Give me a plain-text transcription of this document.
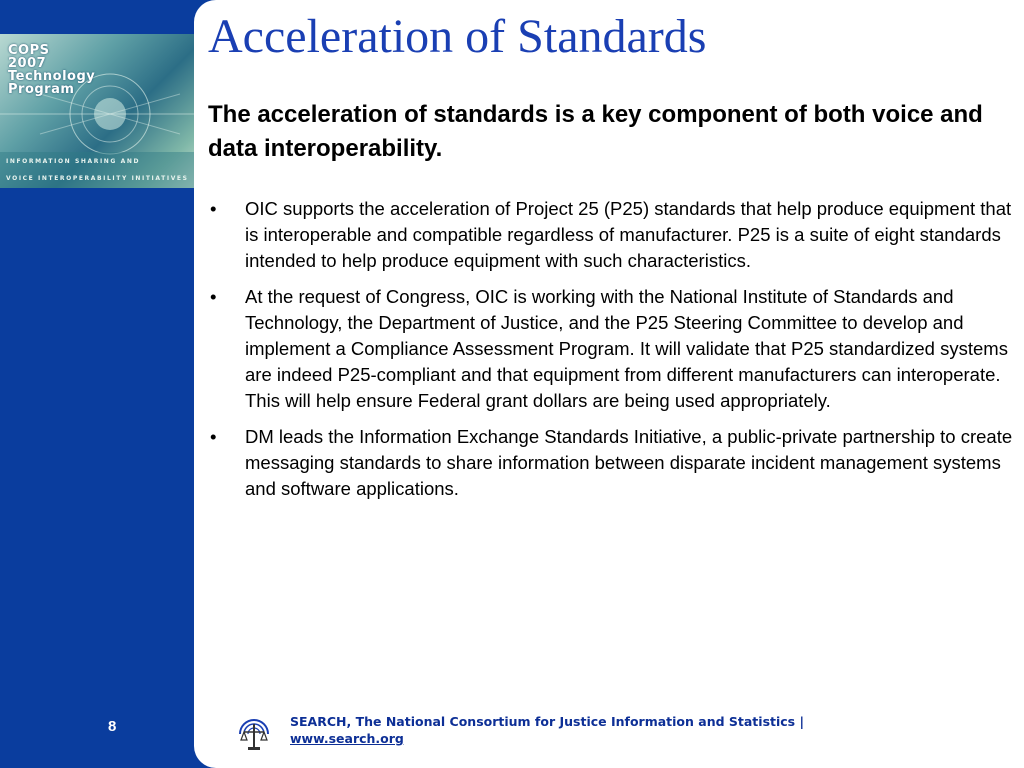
COPS
2007
Technology
Program
INFORMATION SHARING AND
VOICE INTEROPERABILITY INITIATIVES
8
Acceleration of Standards
The acceleration of standards is a key component of both voice and data interoperability.
• OIC supports the acceleration of Project 25 (P25) standards that help produce equipment that is interoperable and compatible regardless of manufacturer. P25 is a suite of eight standards intended to help produce equipment with such characteristics.
• At the request of Congress, OIC is working with the National Institute of Standards and Technology, the Department of Justice, and the P25 Steering Committee to develop and implement a Compliance Assessment Program. It will validate that P25 standardized systems are indeed P25-compliant and that equipment from different manufacturers can interoperate. This will help ensure Federal grant dollars are being used appropriately.
• DM leads the Information Exchange Standards Initiative, a public-private partnership to create messaging standards to share information between disparate incident management systems and software applications.
SEARCH, The National Consortium for Justice Information and Statistics |
www.search.org
